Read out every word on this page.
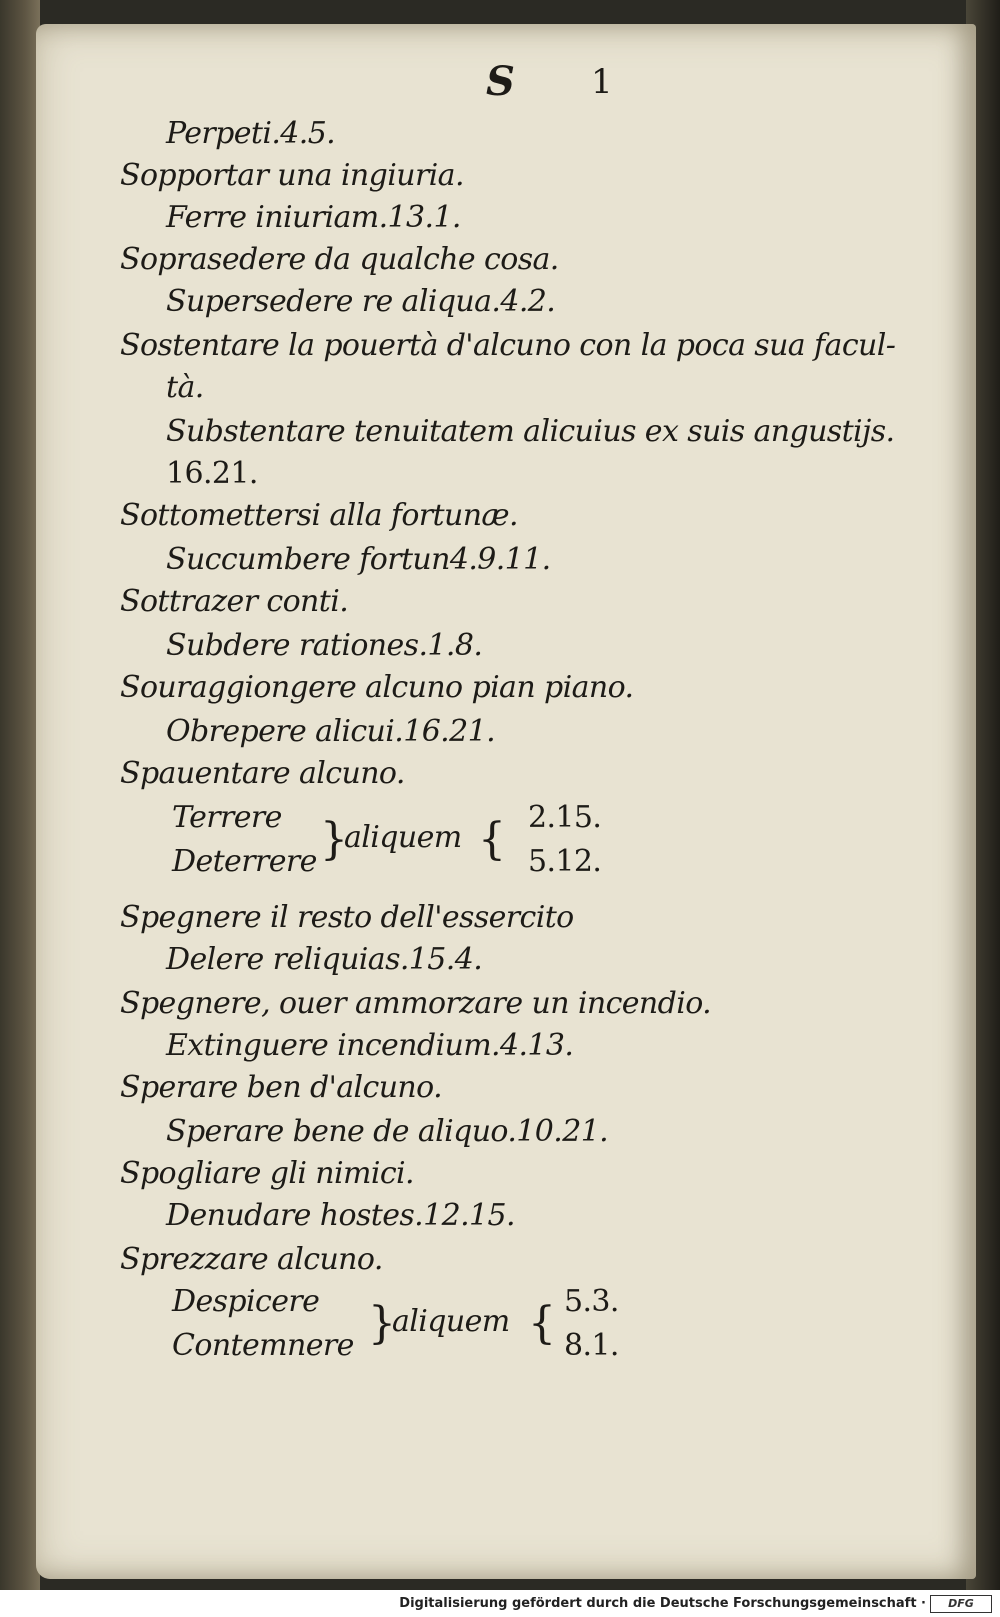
S 1
Perpeti.4.5.
Sopportar una ingiuria.
Ferre iniuriam.13.1.
Soprasedere da qualche cosa.
Supersedere re aliqua.4.2.
Sostentare la pouertà d'alcuno con la poca sua facul-
tà.
Substentare tenuitatem alicuius ex suis angustijs.
16.21.
Sottomettersi alla fortunæ.
Succumbere fortun4.9.11.
Sottrazer conti.
Subdere rationes.1.8.
Souraggiongere alcuno pian piano.
Obrepere alicui.16.21.
Spauentare alcuno.
Terrere
Deterrere }
aliquem { 2.15.
5.12.
Spegnere il resto dell'essercito
Delere reliquias.15.4.
Spegnere, ouer ammorzare un incendio.
Extinguere incendium.4.13.
Sperare ben d'alcuno.
Sperare bene de aliquo.10.21.
Spogliare gli nimici.
Denudare hostes.12.15.
Sprezzare alcuno.
Despicere
Contemnere }
aliquem { 5.3.
8.1.
Digitalisierung gefördert durch die Deutsche Forschungsgemeinschaft ·	DFG
